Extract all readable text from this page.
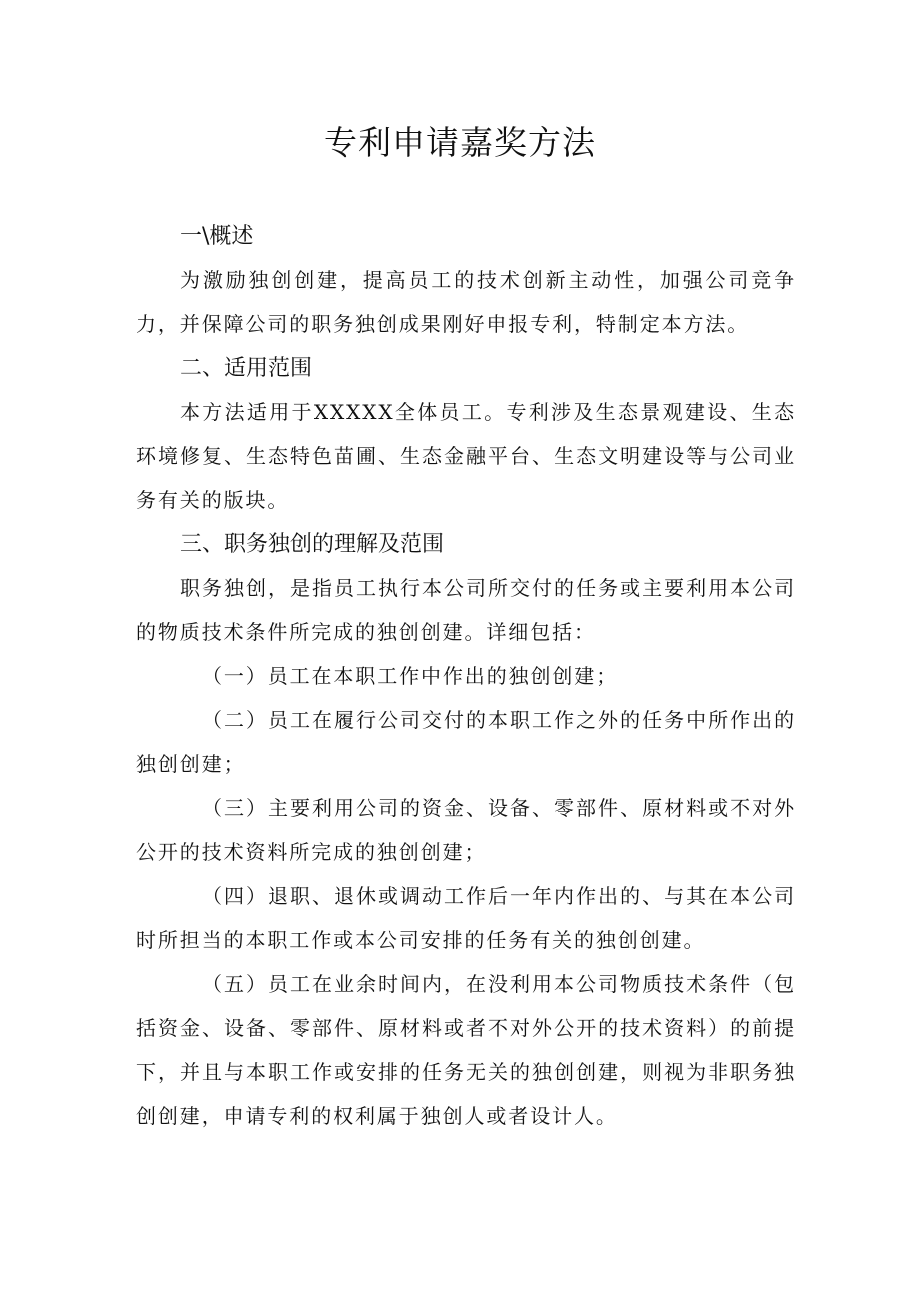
专利申请嘉奖方法
一\概述

为激励独创创建，提高员工的技术创新主动性，加强公司竞争力，并保障公司的职务独创成果刚好申报专利，特制定本方法。

二、适用范围

本方法适用于XXXXX全体员工。专利涉及生态景观建设、生态环境修复、生态特色苗圃、生态金融平台、生态文明建设等与公司业务有关的版块。

三、职务独创的理解及范围

职务独创，是指员工执行本公司所交付的任务或主要利用本公司的物质技术条件所完成的独创创建。详细包括：

（一）员工在本职工作中作出的独创创建；

（二）员工在履行公司交付的本职工作之外的任务中所作出的独创创建；

（三）主要利用公司的资金、设备、零部件、原材料或不对外公开的技术资料所完成的独创创建；

（四）退职、退休或调动工作后一年内作出的、与其在本公司时所担当的本职工作或本公司安排的任务有关的独创创建。

（五）员工在业余时间内，在没利用本公司物质技术条件（包括资金、设备、零部件、原材料或者不对外公开的技术资料）的前提下，并且与本职工作或安排的任务无关的独创创建，则视为非职务独创创建，申请专利的权利属于独创人或者设计人。
